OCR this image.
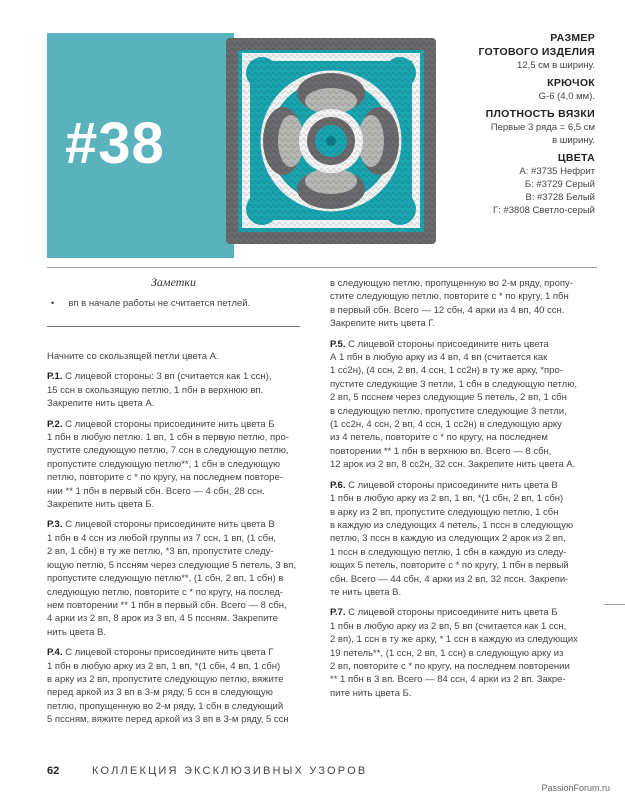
#38
РАЗМЕР
ГОТОВОГО ИЗДЕЛИЯ
12,5 см в ширину.
КРЮЧОК
G-6 (4,0 мм).
ПЛОТНОСТЬ ВЯЗКИ
Первые 3 ряда = 6,5 см
в ширину.
ЦВЕТА
А: #3735 Нефрит
Б: #3729 Серый
В: #3728 Белый
Г: #3808 Светло-серый
Заметки
• вп в начале работы не считается петлей.
Начните со скользящей петли цвета А.
Р.1. С лицевой стороны: 3 вп (считается как 1 ссн),
15 ссн в скользящую петлю, 1 пбн в верхнюю вп.
Закрепите нить цвета А.
Р.2. С лицевой стороны присоедините нить цвета Б
1 пбн в любую петлю. 1 вп, 1 сбн в первую петлю, про-
пустите следующую петлю, 7 ссн в следующую петлю,
пропустите следующую петлю**, 1 сбн в следующую
петлю, повторите с * по кругу, на последнем повторе-
нии ** 1 пбн в первый сбн. Всего — 4 сбн, 28 ссн.
Закрепите нить цвета Б.
Р.3. С лицевой стороны присоедините нить цвета В
1 пбн в 4 ссн из любой группы из 7 ссн, 1 вп, (1 сбн,
2 вп, 1 сбн) в ту же петлю, *3 вп, пропустите следу-
ющую петлю, 5 пссням через следующие 5 петель, 3 вп,
пропустите следующую петлю**, (1 сбн, 2 вп, 1 сбн) в
следующую петлю, повторите с * по кругу, на послед-
нем повторении ** 1 пбн в первый сбн. Всего — 8 сбн,
4 арки из 2 вп, 8 арок из 3 вп, 4 5 пссням. Закрепите
нить цвета В.
Р.4. С лицевой стороны присоедините нить цвета Г
1 пбн в любую арку из 2 вп, 1 вп, *(1 сбн, 4 вп, 1 сбн)
в арку из 2 вп, пропустите следующую петлю, вяжите
перед аркой из 3 вп в 3-м ряду, 5 ссн в следующую
петлю, пропущенную во 2-м ряду, 1 сбн в следующий
5 пссням, вяжите перед аркой из 3 вп в 3-м ряду, 5 ссн
в следующую петлю, пропущенную во 2-м ряду, пропу-
стите следующую петлю, повторите с * по кругу, 1 пбн
в первый сбн. Всего — 12 сбн, 4 арки из 4 вп, 40 ссн.
Закрепите нить цвета Г.
Р.5. С лицевой стороны присоедините нить цвета
А 1 пбн в любую арку из 4 вп, 4 вп (считается как
1 сс2н), (4 ссн, 2 вп, 4 ссн, 1 сс2н) в ту же арку, *про-
пустите следующие 3 петли, 1 сбн в следующую петлю,
2 вп, 5 псснем через следующие 5 петель, 2 вп, 1 сбн
в следующую петлю, пропустите следующие 3 петли,
(1 сс2н, 4 ссн, 2 вп, 4 ссн, 1 сс2н) в следующую арку
из 4 петель, повторите с * по кругу, на последнем
повторении ** 1 пбн в верхнюю вп. Всего — 8 сбн,
12 арок из 2 вп, 8 сс2н, 32 ссн. Закрепите нить цвета А.
Р.6. С лицевой стороны присоедините нить цвета В
1 пбн в любую арку из 2 вп, 1 вп, *(1 сбн, 2 вп, 1 сбн)
в арку из 2 вп, пропустите следующую петлю, 1 сбн
в каждую из следующих 4 петель, 1 пссн в следующую
петлю, 3 пссн в каждую из следующих 2 арок из 2 вп,
1 пссн в следующую петлю, 1 сбн в каждую из следу-
ющих 5 петель, повторите с * по кругу, 1 пбн в первый
сбн. Всего — 44 сбн, 4 арки из 2 вп, 32 пссн. Закрепи-
те нить цвета В.
Р.7. С лицевой стороны присоедините нить цвета Б
1 пбн в любую арку из 2 вп, 5 вп (считается как 1 ссн,
2 вп), 1 ссн в ту же арку, * 1 ссн в каждую из следующих
19 петель**, (1 ссн, 2 вп, 1 ссн) в следующую арку из
2 вп, повторите с * по кругу, на последнем повторении
** 1 пбн в 3 вп. Всего — 84 ссн, 4 арки из 2 вп. Закре-
пите нить цвета Б.
62	КОЛЛЕКЦИЯ ЭКСКЛЮЗИВНЫХ УЗОРОВ
PassionForum.ru
